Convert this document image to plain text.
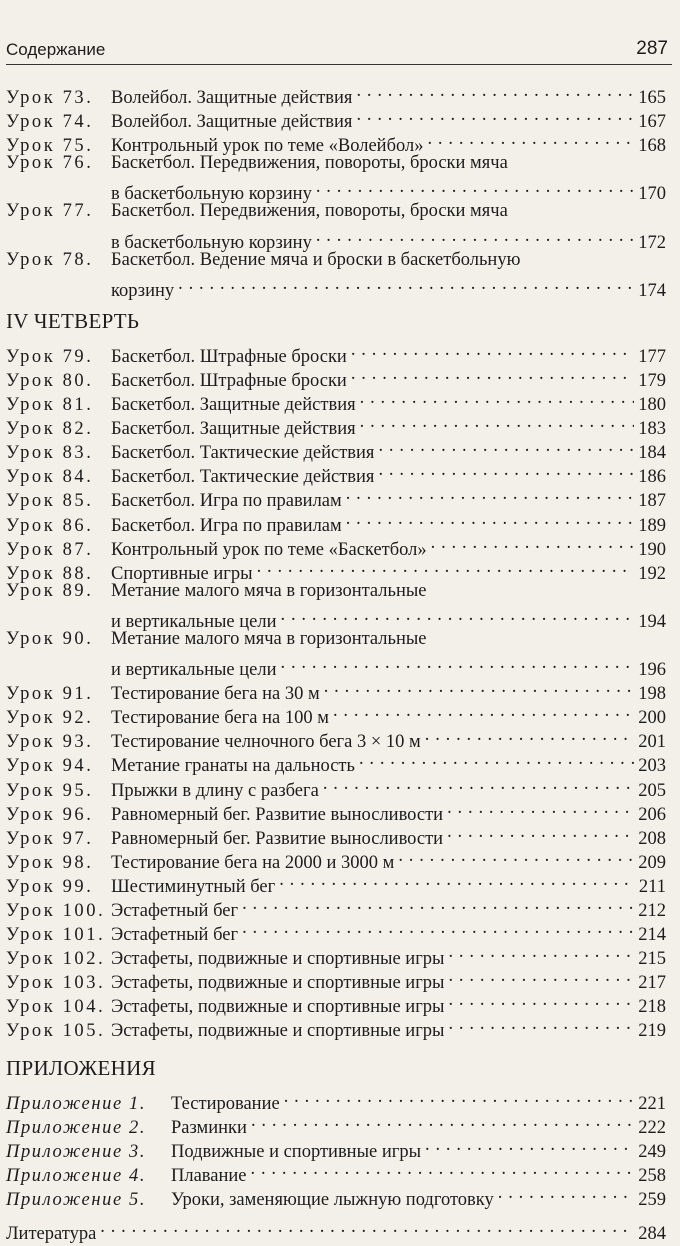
Содержание	287
Урок 73. Волейбол. Защитные действия . . .	165
Урок 74. Волейбол. Защитные действия . . .	167
Урок 75. Контрольный урок по теме «Волейбол» . . .	168
Урок 76. Баскетбол. Передвижения, повороты, броски мяча
в баскетбольную корзину . . .	170
Урок 77. Баскетбол. Передвижения, повороты, броски мяча
в баскетбольную корзину . . .	172
Урок 78. Баскетбол. Ведение мяча и броски в баскетбольную
корзину . . .	174
IV ЧЕТВЕРТЬ
Урок 79. Баскетбол. Штрафные броски . . .	177
Урок 80. Баскетбол. Штрафные броски . . .	179
Урок 81. Баскетбол. Защитные действия . . .	180
Урок 82. Баскетбол. Защитные действия . . .	183
Урок 83. Баскетбол. Тактические действия . . .	184
Урок 84. Баскетбол. Тактические действия . . .	186
Урок 85. Баскетбол. Игра по правилам . . .	187
Урок 86. Баскетбол. Игра по правилам . . .	189
Урок 87. Контрольный урок по теме «Баскетбол» . . .	190
Урок 88. Спортивные игры . . .	192
Урок 89. Метание малого мяча в горизонтальные
и вертикальные цели . . .	194
Урок 90. Метание малого мяча в горизонтальные
и вертикальные цели . . .	196
Урок 91. Тестирование бега на 30 м . . .	198
Урок 92. Тестирование бега на 100 м . . .	200
Урок 93. Тестирование челночного бега 3 × 10 м . . .	201
Урок 94. Метание гранаты на дальность . . .	203
Урок 95. Прыжки в длину с разбега . . .	205
Урок 96. Равномерный бег. Развитие выносливости . . .	206
Урок 97. Равномерный бег. Развитие выносливости . . .	208
Урок 98. Тестирование бега на 2000 и 3000 м . . .	209
Урок 99. Шестиминутный бег . . .	211
Урок 100. Эстафетный бег . . .	212
Урок 101. Эстафетный бег . . .	214
Урок 102. Эстафеты, подвижные и спортивные игры . . .	215
Урок 103. Эстафеты, подвижные и спортивные игры . . .	217
Урок 104. Эстафеты, подвижные и спортивные игры . . .	218
Урок 105. Эстафеты, подвижные и спортивные игры . . .	219
ПРИЛОЖЕНИЯ
Приложение 1. Тестирование . . .	221
Приложение 2. Разминки . . .	222
Приложение 3. Подвижные и спортивные игры . . .	249
Приложение 4. Плавание . . .	258
Приложение 5. Уроки, заменяющие лыжную подготовку . . .	259
Литература . . .	284
